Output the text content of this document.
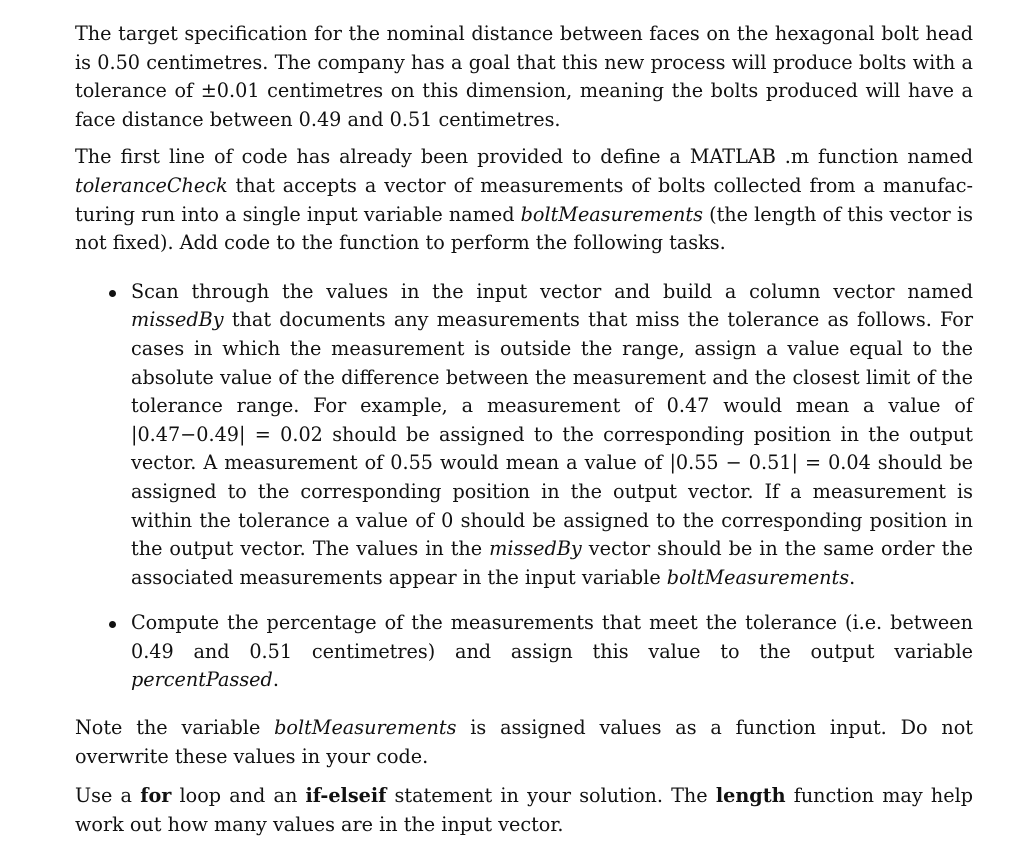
The target specification for the nominal distance between faces on the hexagonal bolt head is 0.50 centimetres. The company has a goal that this new process will produce bolts with a tolerance of ±0.01 centimetres on this dimension, meaning the bolts produced will have a face distance between 0.49 and 0.51 centimetres.

The first line of code has already been provided to define a MATLAB .m function named toleranceCheck that accepts a vector of measurements of bolts collected from a manufacturing run into a single input variable named boltMeasurements (the length of this vector is not fixed). Add code to the function to perform the following tasks.

Scan through the values in the input vector and build a column vector named missedBy that documents any measurements that miss the tolerance as follows. For cases in which the measurement is outside the range, assign a value equal to the absolute value of the difference between the measurement and the closest limit of the tolerance range. For example, a measurement of 0.47 would mean a value of |0.47−0.49| = 0.02 should be assigned to the corresponding position in the output vector. A measurement of 0.55 would mean a value of |0.55 − 0.51| = 0.04 should be assigned to the corresponding position in the output vector. If a measurement is within the tolerance a value of 0 should be assigned to the corresponding position in the output vector. The values in the missedBy vector should be in the same order the associated measurements appear in the input variable boltMeasurements.
Compute the percentage of the measurements that meet the tolerance (i.e. between 0.49 and 0.51 centimetres) and assign this value to the output variable percentPassed.

Note the variable boltMeasurements is assigned values as a function input. Do not overwrite these values in your code.

Use a for loop and an if-elseif statement in your solution. The length function may help work out how many values are in the input vector.
